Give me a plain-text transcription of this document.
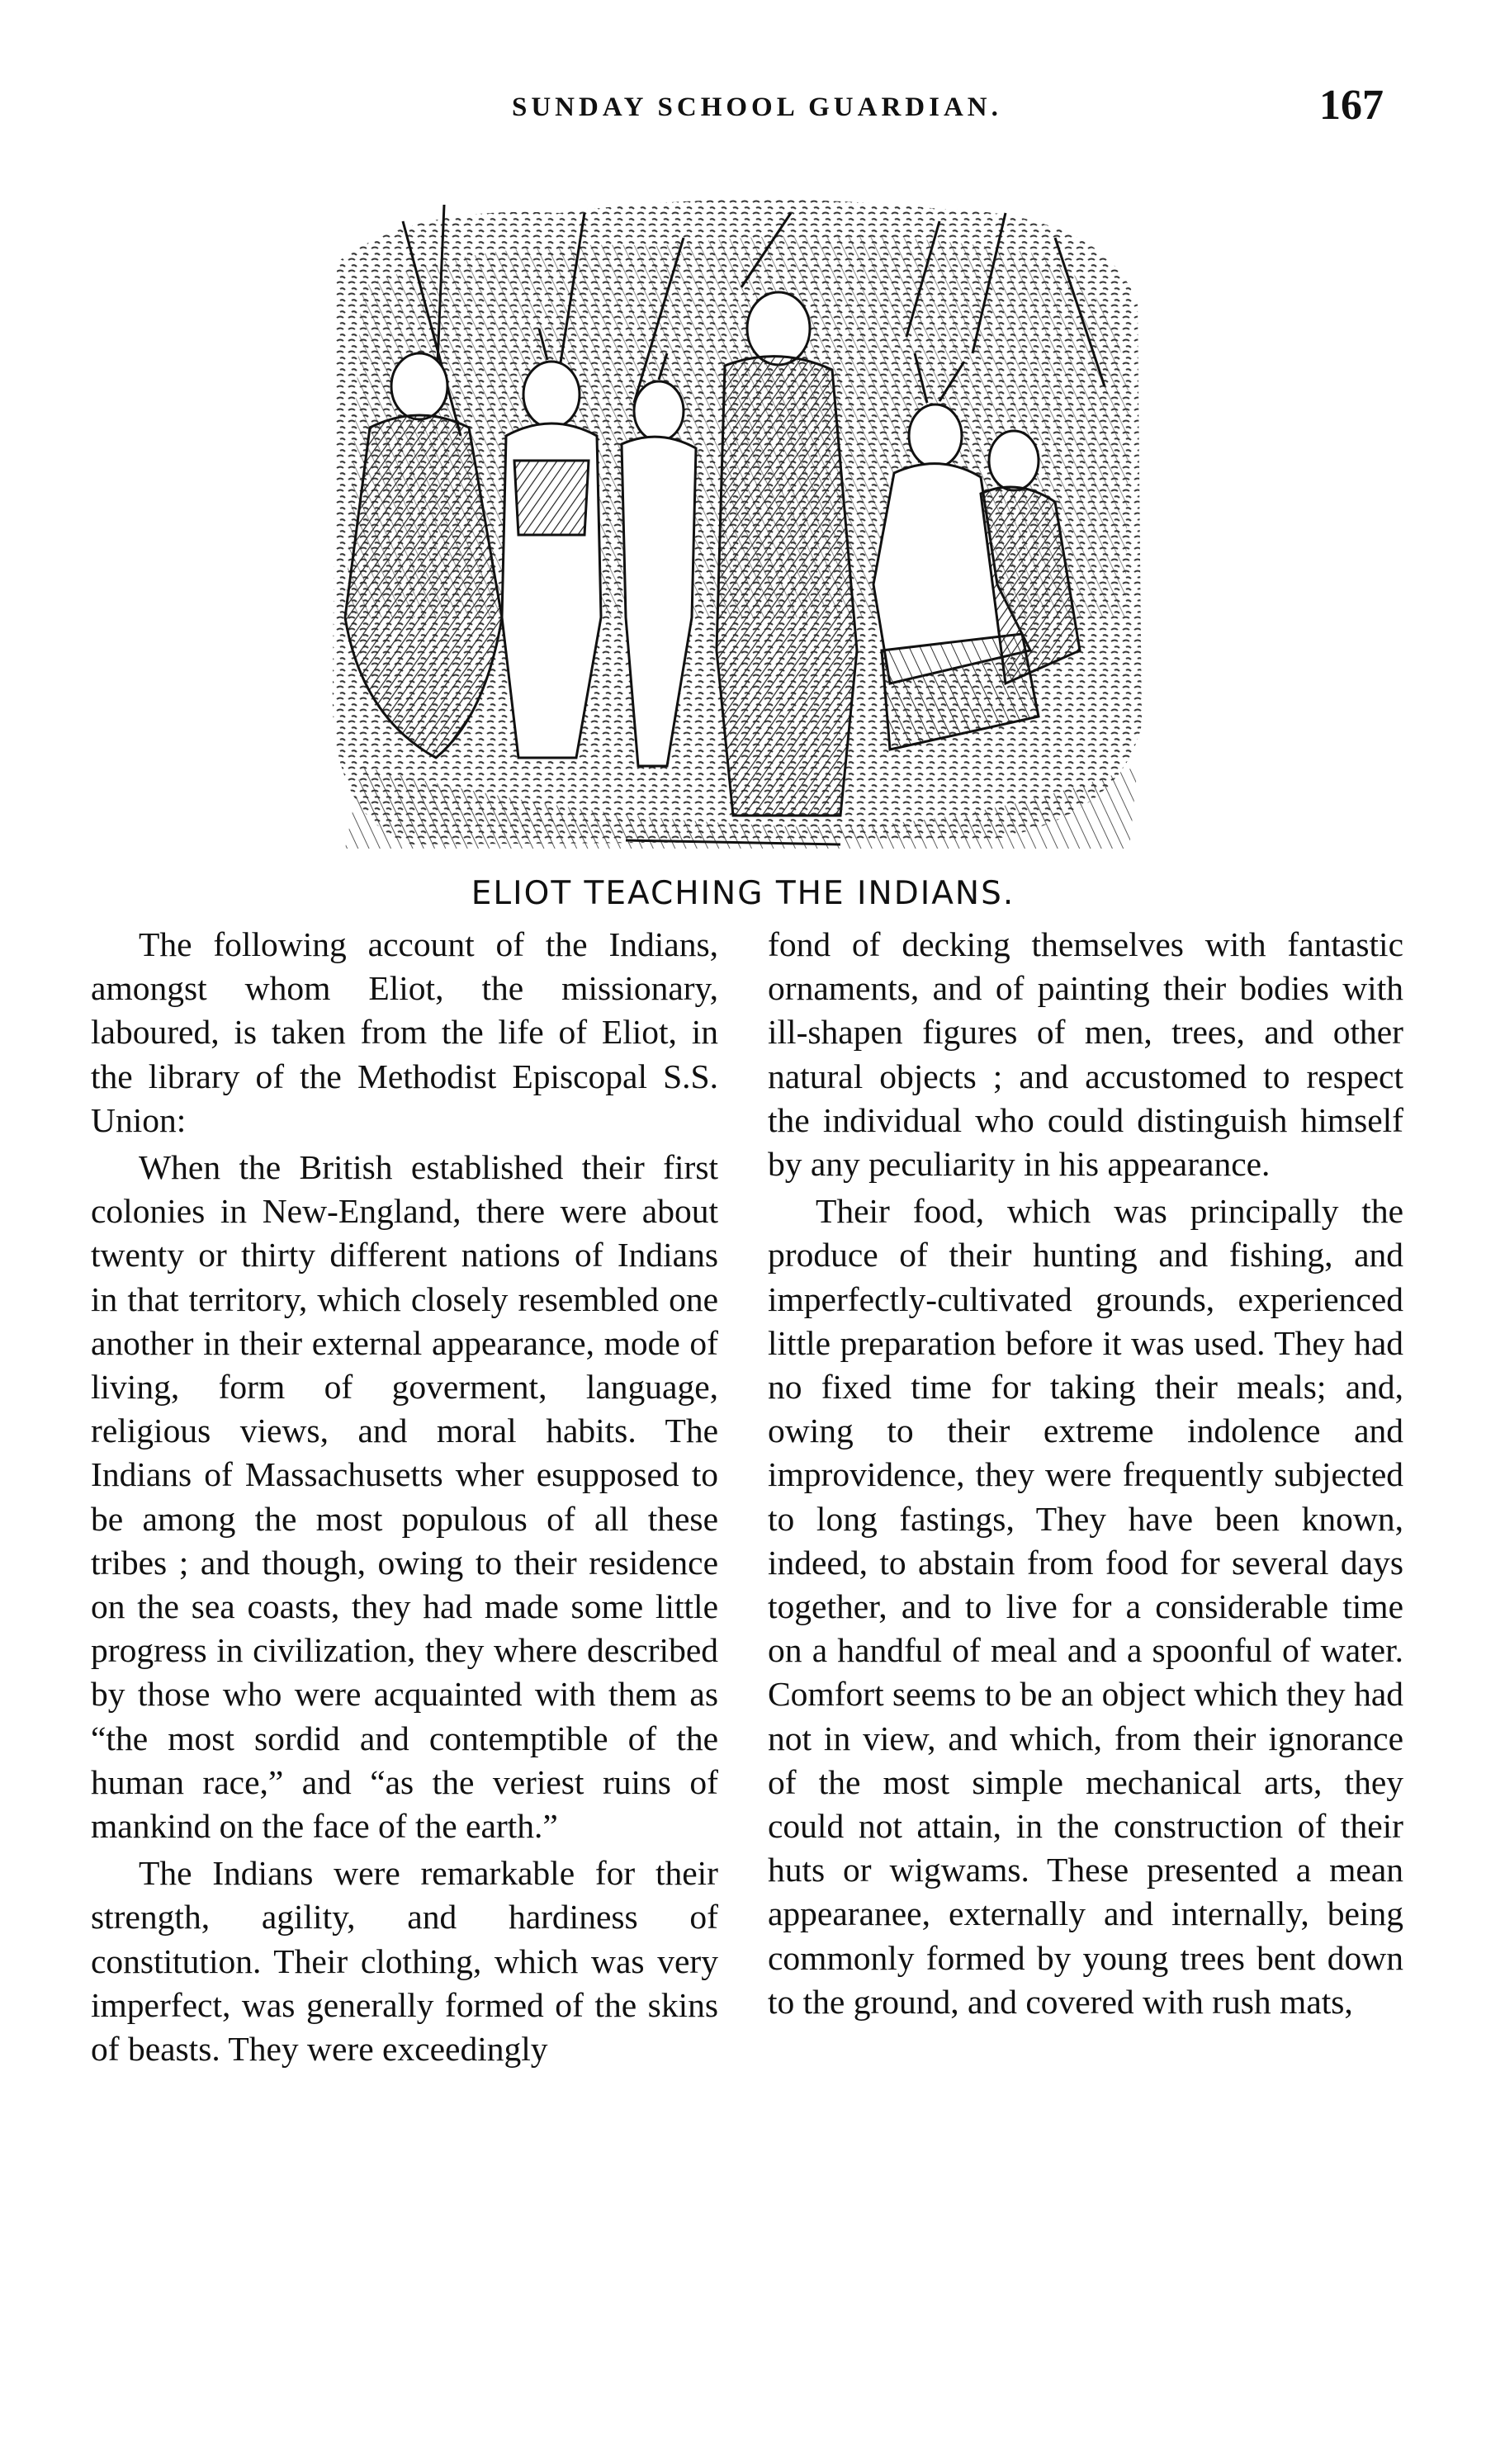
SUNDAY SCHOOL GUARDIAN.	167
ELIOT TEACHING THE INDIANS.

The following account of the Indians, amongst whom Eliot, the missionary, laboured, is taken from the life of Eliot, in the library of the Methodist Episcopal S.S. Union:

When the British established their first colonies in New-England, there were about twenty or thirty different nations of Indians in that territory, which closely resembled one another in their external appearance, mode of living, form of goverment, language, religious views, and moral habits. The Indians of Massachusetts wher esupposed to be among the most populous of all these tribes ; and though, owing to their residence on the sea coasts, they had made some little progress in civilization, they where described by those who were acquainted with them as “the most sordid and contemptible of the human race,” and “as the veriest ruins of mankind on the face of the earth.”

The Indians were remarkable for their strength, agility, and hardiness of constitution. Their clothing, which was very imperfect, was generally formed of the skins of beasts. They were exceedingly

fond of decking themselves with fantastic ornaments, and of painting their bodies with ill-shapen figures of men, trees, and other natural objects ; and accustomed to respect the individual who could distinguish himself by any peculiarity in his appearance.

Their food, which was principally the produce of their hunting and fishing, and imperfectly-cultivated grounds, experienced little preparation before it was used. They had no fixed time for taking their meals; and, owing to their extreme indolence and improvidence, they were frequently subjected to long fastings, They have been known, indeed, to abstain from food for several days together, and to live for a considerable time on a handful of meal and a spoonful of water. Comfort seems to be an object which they had not in view, and which, from their ignorance of the most simple mechanical arts, they could not attain, in the construction of their huts or wigwams. These presented a mean appearanee, externally and internally, being commonly formed by young trees bent down to the ground, and covered with rush mats,
